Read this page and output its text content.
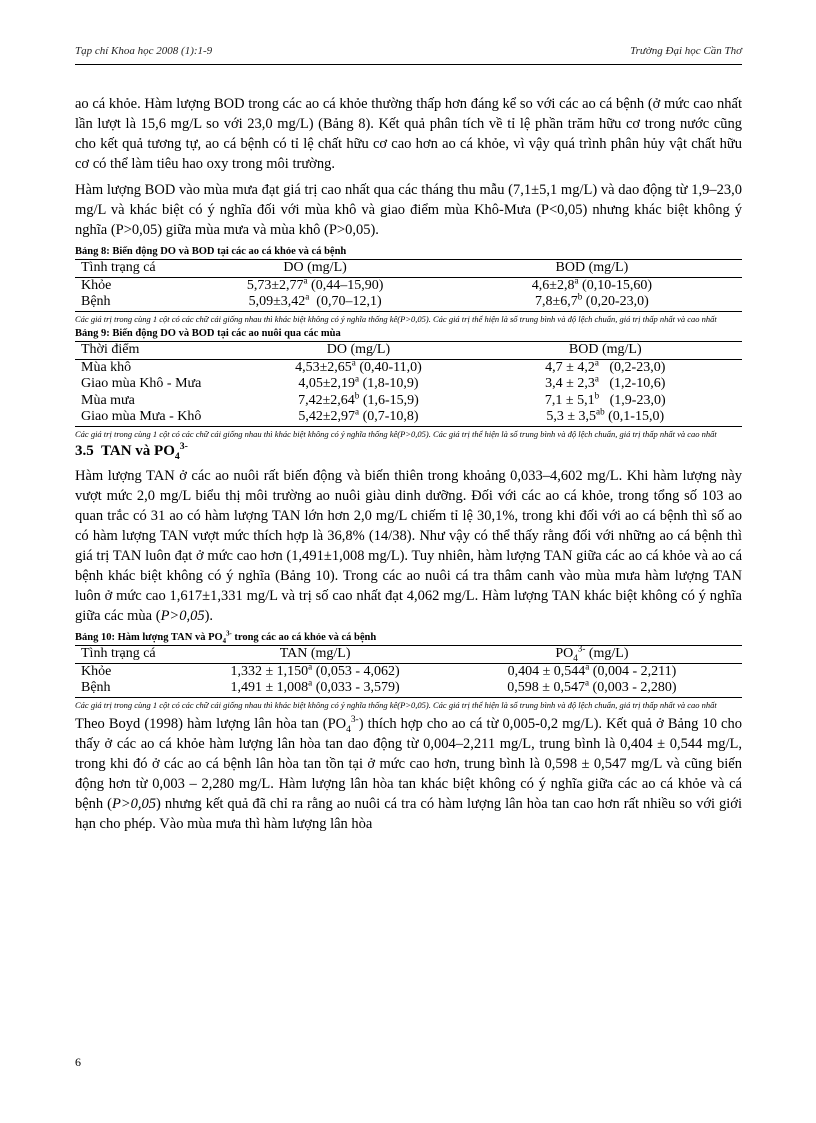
Tạp chí Khoa học 2008 (1):1-9	Trường Đại học Cần Thơ

ao cá khỏe. Hàm lượng BOD trong các ao cá khỏe thường thấp hơn đáng kể so với các ao cá bệnh (ở mức cao nhất lần lượt là 15,6 mg/L so với 23,0 mg/L) (Bảng 8). Kết quả phân tích về tỉ lệ phần trăm hữu cơ trong nước cũng cho kết quả tương tự, ao cá bệnh có tỉ lệ chất hữu cơ cao hơn ao cá khỏe, vì vậy quá trình phân hủy vật chất hữu cơ có thể làm tiêu hao oxy trong môi trường.

Hàm lượng BOD vào mùa mưa đạt giá trị cao nhất qua các tháng thu mẫu (7,1±5,1 mg/L) và dao động từ 1,9–23,0 mg/L và khác biệt có ý nghĩa đối với mùa khô và giao điểm mùa Khô-Mưa (P<0,05) nhưng khác biệt không ý nghĩa (P>0,05) giữa mùa mưa và mùa khô (P>0,05).

Bảng 8: Biến động DO và BOD tại các ao cá khỏe và cá bệnh
Tình trạng cá	DO (mg/L)	BOD (mg/L)
Khỏe	5,73±2,77$^a$ (0,44–15,90)	4,6±2,8$^a$ (0,10-15,60)
Bệnh	5,09±3,42$^a$  (0,70–12,1)	7,8±6,7$^b$ (0,20-23,0)
Các giá trị trong cùng 1 cột có các chữ cái giống nhau thì khác biệt không có ý nghĩa thống kê(P>0,05). Các giá trị thể hiện là số trung bình và độ lệch chuẩn, giá trị thấp nhất và cao nhất
Bảng 9: Biến động DO và BOD tại các ao nuôi qua các mùa
Thời điểm	DO (mg/L)	BOD (mg/L)
Mùa khô	4,53±2,65$^a$ (0,40-11,0)	4,7 ± 4,2$^a$   (0,2-23,0)
Giao mùa Khô - Mưa	4,05±2,19$^a$ (1,8-10,9)	3,4 ± 2,3$^a$   (1,2-10,6)
Mùa mưa	7,42±2,64$^b$ (1,6-15,9)	7,1 ± 5,1$^b$   (1,9-23,0)
Giao mùa Mưa - Khô	5,42±2,97$^a$ (0,7-10,8)	5,3 ± 3,5$^{ab}$ (0,1-15,0)
Các giá trị trong cùng 1 cột có các chữ cái giống nhau thì khác biệt không có ý nghĩa thống kê(P>0,05). Các giá trị thể hiện là số trung bình và độ lệch chuẩn, giá trị thấp nhất và cao nhất
3.5 TAN và $PO_4^{3-}$

Hàm lượng TAN ở các ao nuôi rất biến động và biến thiên trong khoảng 0,033–4,602 mg/L. Khi hàm lượng này vượt mức 2,0 mg/L biểu thị môi trường ao nuôi giàu dinh dưỡng. Đối với các ao cá khỏe, trong tổng số 103 ao quan trắc có 31 ao có hàm lượng TAN lớn hơn 2,0 mg/L chiếm tỉ lệ 30,1%, trong khi đối với ao cá bệnh thì số ao có hàm lượng TAN vượt mức thích hợp là 36,8% (14/38). Như vậy có thể thấy rằng đối với những ao cá bệnh thì giá trị TAN luôn đạt ở mức cao hơn (1,491±1,008 mg/L). Tuy nhiên, hàm lượng TAN giữa các ao cá khỏe và ao cá bệnh khác biệt không có ý nghĩa (Bảng 10). Trong các ao nuôi cá tra thâm canh vào mùa mưa hàm lượng TAN luôn ở mức cao 1,617±1,331 mg/L và trị số cao nhất đạt 4,062 mg/L. Hàm lượng TAN khác biệt không có ý nghĩa giữa các mùa (P>0,05).

Bảng 10: Hàm lượng TAN và $PO_4^{3-}$ trong các ao cá khỏe và cá bệnh
Tình trạng cá	TAN (mg/L)	$PO_4^{3-}$ (mg/L)
Khỏe	1,332 ± 1,150$^a$ (0,053 - 4,062)	0,404 ± 0,544$^a$ (0,004 - 2,211)
Bệnh	1,491 ± 1,008$^a$ (0,033 - 3,579)	0,598 ± 0,547$^a$ (0,003 - 2,280)
Các giá trị trong cùng 1 cột có các chữ cái giống nhau thì khác biệt không có ý nghĩa thống kê(P>0,05). Các giá trị thể hiện là số trung bình và độ lệch chuẩn, giá trị thấp nhất và cao nhất

Theo Boyd (1998) hàm lượng lân hòa $\tan (PO_4^{3-})$ thích hợp cho ao cá từ 0,005-0,2 mg/L). Kết quả ở Bảng 10 cho thấy ở các ao cá khỏe hàm lượng lân hòa tan dao động từ 0,004–2,211 mg/L, trung bình là 0,404 ± 0,544 mg/L, trong khi đó ở các ao cá bệnh lân hòa tan tồn tại ở mức cao hơn, trung bình là 0,598 ± 0,547 mg/L và cũng biến động hơn từ 0,003 – 2,280 mg/L. Hàm lượng lân hòa tan khác biệt không có ý nghĩa giữa các ao cá khỏe và cá bệnh (P>0,05) nhưng kết quả đã chỉ ra rằng ao nuôi cá tra có hàm lượng lân hòa tan cao hơn rất nhiều so với giới hạn cho phép. Vào mùa mưa thì hàm lượng lân hòa

6
